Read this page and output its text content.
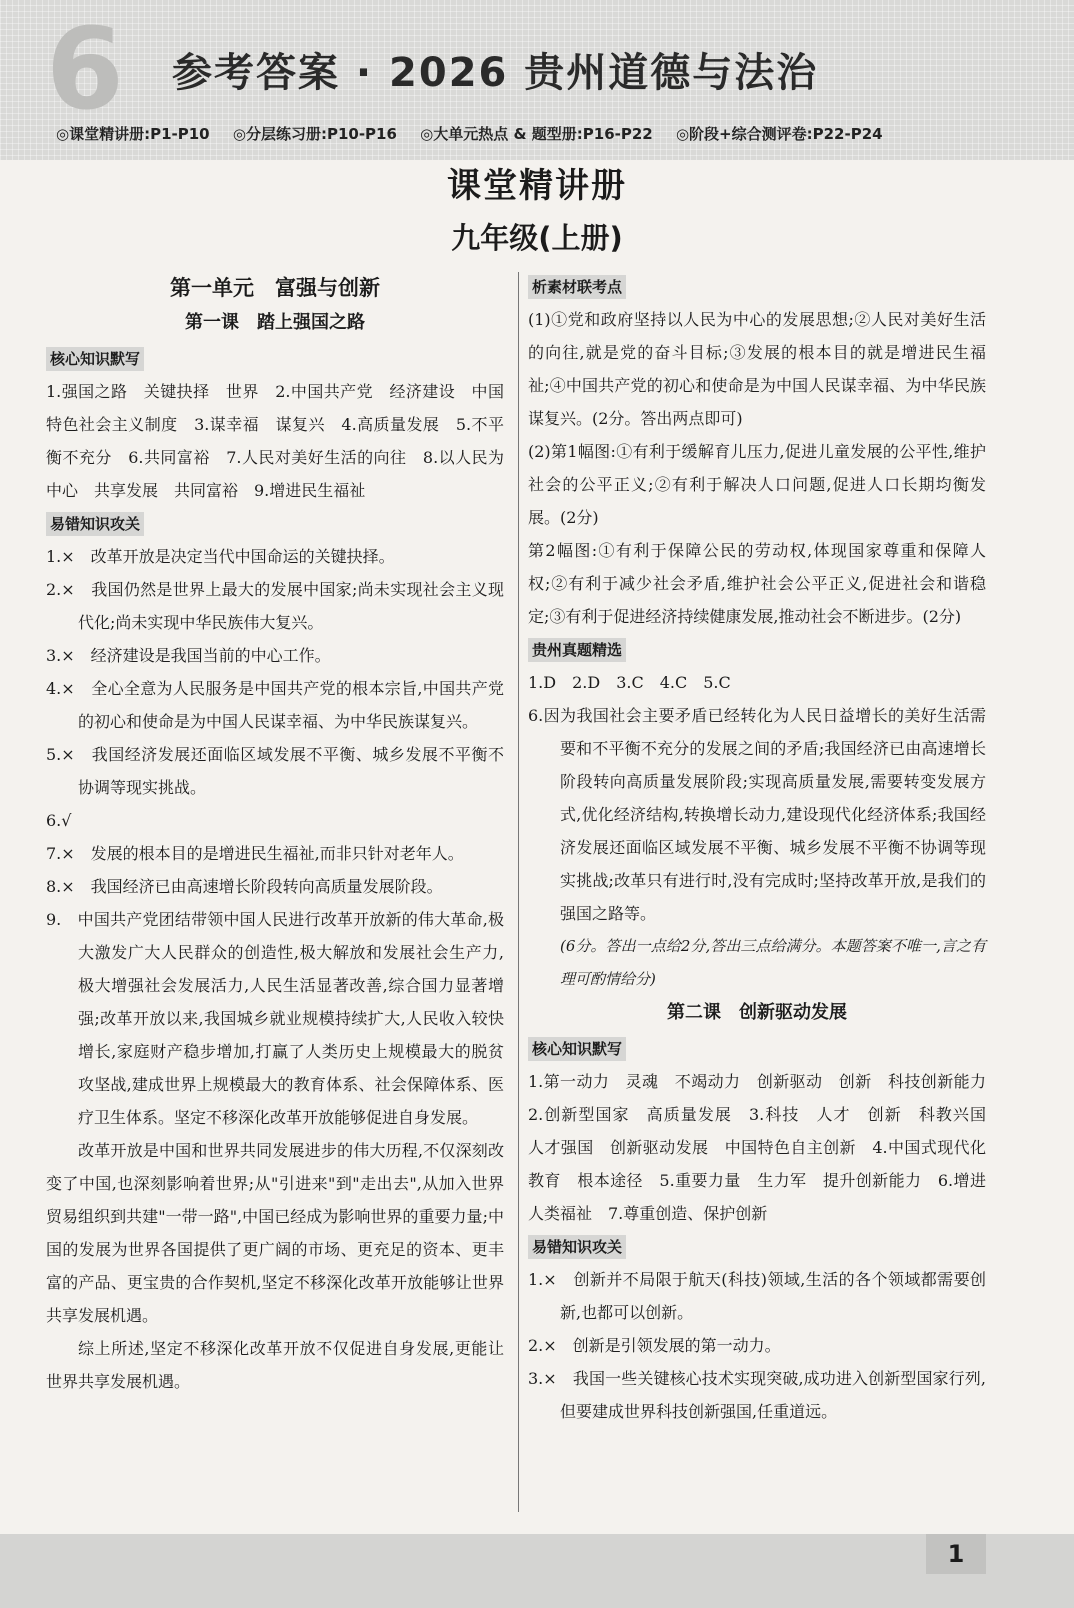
6 参考答案 · 2026 贵州道德与法治
◎课堂精讲册:P1-P10 ◎分层练习册:P10-P16 ◎大单元热点 & 题型册:P16-P22 ◎阶段+综合测评卷:P22-P24
课堂精讲册
九年级(上册)

第一单元　富强与创新

第一课　踏上强国之路

核心知识默写

1.强国之路　关键抉择　世界　2.中国共产党　经济建设　中国特色社会主义制度　3.谋幸福　谋复兴　4.高质量发展　5.不平衡不充分　6.共同富裕　7.人民对美好生活的向往　8.以人民为中心　共享发展　共同富裕　9.增进民生福祉

易错知识攻关

1.×　改革开放是决定当代中国命运的关键抉择。

2.×　我国仍然是世界上最大的发展中国家;尚未实现社会主义现代化;尚未实现中华民族伟大复兴。

3.×　经济建设是我国当前的中心工作。

4.×　全心全意为人民服务是中国共产党的根本宗旨,中国共产党的初心和使命是为中国人民谋幸福、为中华民族谋复兴。

5.×　我国经济发展还面临区域发展不平衡、城乡发展不平衡不协调等现实挑战。

6.√

7.×　发展的根本目的是增进民生福祉,而非只针对老年人。

8.×　我国经济已由高速增长阶段转向高质量发展阶段。

9.　中国共产党团结带领中国人民进行改革开放新的伟大革命,极大激发广大人民群众的创造性,极大解放和发展社会生产力,极大增强社会发展活力,人民生活显著改善,综合国力显著增强;改革开放以来,我国城乡就业规模持续扩大,人民收入较快增长,家庭财产稳步增加,打赢了人类历史上规模最大的脱贫攻坚战,建成世界上规模最大的教育体系、社会保障体系、医疗卫生体系。坚定不移深化改革开放能够促进自身发展。

改革开放是中国和世界共同发展进步的伟大历程,不仅深刻改变了中国,也深刻影响着世界;从"引进来"到"走出去",从加入世界贸易组织到共建"一带一路",中国已经成为影响世界的重要力量;中国的发展为世界各国提供了更广阔的市场、更充足的资本、更丰富的产品、更宝贵的合作契机,坚定不移深化改革开放能够让世界共享发展机遇。

综上所述,坚定不移深化改革开放不仅促进自身发展,更能让世界共享发展机遇。

析素材联考点

(1)①党和政府坚持以人民为中心的发展思想;②人民对美好生活的向往,就是党的奋斗目标;③发展的根本目的就是增进民生福祉;④中国共产党的初心和使命是为中国人民谋幸福、为中华民族谋复兴。(2分。答出两点即可)

(2)第1幅图:①有利于缓解育儿压力,促进儿童发展的公平性,维护社会的公平正义;②有利于解决人口问题,促进人口长期均衡发展。(2分)

第2幅图:①有利于保障公民的劳动权,体现国家尊重和保障人权;②有利于减少社会矛盾,维护社会公平正义,促进社会和谐稳定;③有利于促进经济持续健康发展,推动社会不断进步。(2分)

贵州真题精选

1.D　2.D　3.C　4.C　5.C

6.因为我国社会主要矛盾已经转化为人民日益增长的美好生活需要和不平衡不充分的发展之间的矛盾;我国经济已由高速增长阶段转向高质量发展阶段;实现高质量发展,需要转变发展方式,优化经济结构,转换增长动力,建设现代化经济体系;我国经济发展还面临区域发展不平衡、城乡发展不平衡不协调等现实挑战;改革只有进行时,没有完成时;坚持改革开放,是我们的强国之路等。

(6分。答出一点给2分,答出三点给满分。本题答案不唯一,言之有理可酌情给分)

第二课　创新驱动发展

核心知识默写

1.第一动力　灵魂　不竭动力　创新驱动　创新　科技创新能力　2.创新型国家　高质量发展　3.科技　人才　创新　科教兴国　人才强国　创新驱动发展　中国特色自主创新　4.中国式现代化　教育　根本途径　5.重要力量　生力军　提升创新能力　6.增进人类福祉　7.尊重创造、保护创新

易错知识攻关

1.×　创新并不局限于航天(科技)领域,生活的各个领域都需要创新,也都可以创新。

2.×　创新是引领发展的第一动力。

3.×　我国一些关键核心技术实现突破,成功进入创新型国家行列,但要建成世界科技创新强国,任重道远。

1
